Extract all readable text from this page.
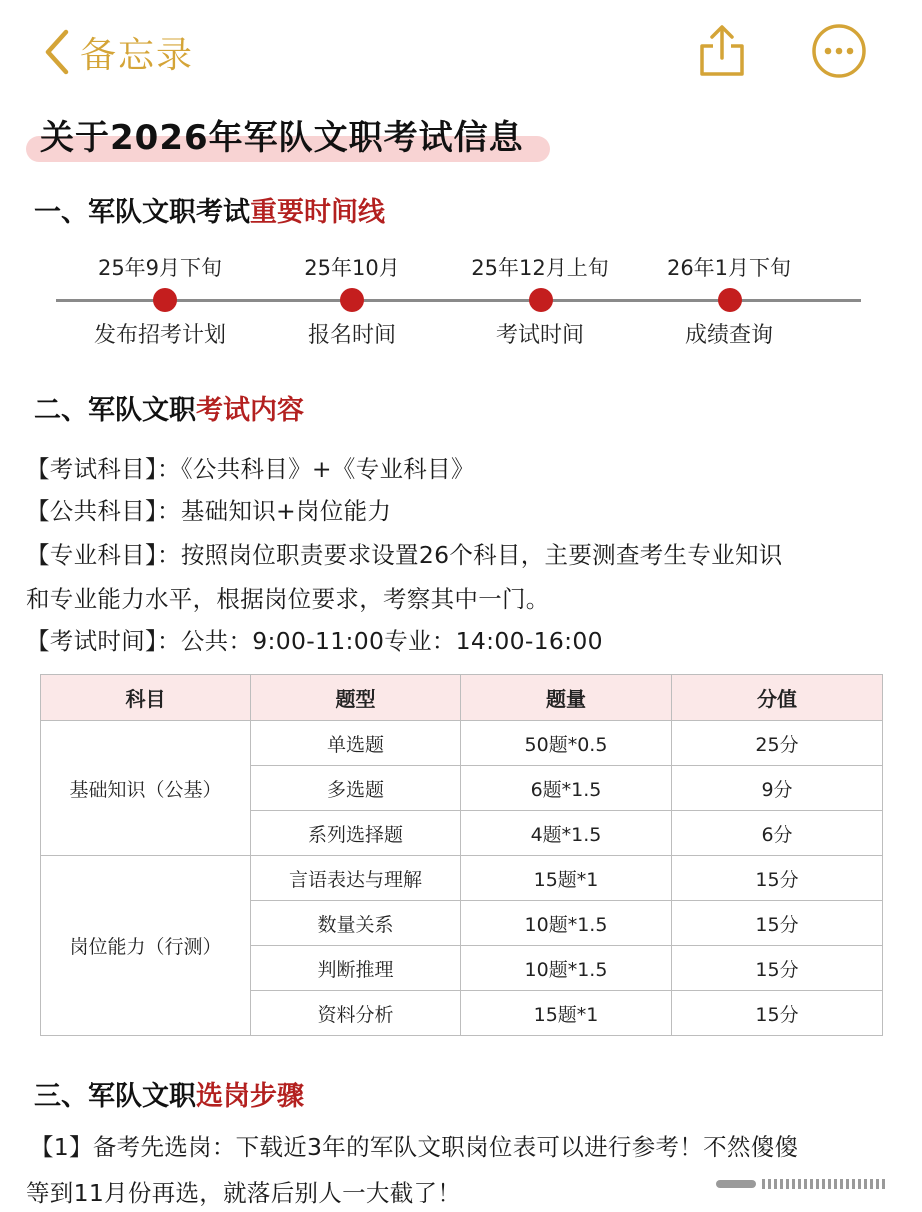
备忘录
关于2026年军队文职考试信息
一、军队文职考试重要时间线
25年9月下旬
发布招考计划
25年10月
报名时间
25年12月上旬
考试时间
26年1月下旬
成绩查询
二、军队文职考试内容
【考试科目】：《公共科目》+《专业科目》
【公共科目】：基础知识+岗位能力
【专业科目】：按照岗位职责要求设置26个科目，主要测查考生专业知识
和专业能力水平，根据岗位要求，考察其中一门。
【考试时间】：公共：9:00-11:00专业：14:00-16:00
科目	题型	题量	分值
基础知识（公基）	单选题	50题*0.5	25分
	多选题	6题*1.5	9分
	系列选择题	4题*1.5	6分
岗位能力（行测）	言语表达与理解	15题*1	15分
	数量关系	10题*1.5	15分
	判断推理	10题*1.5	15分
	资料分析	15题*1	15分
三、军队文职选岗步骤
【1】备考先选岗：下载近3年的军队文职岗位表可以进行参考！不然傻傻
等到11月份再选，就落后别人一大截了！
